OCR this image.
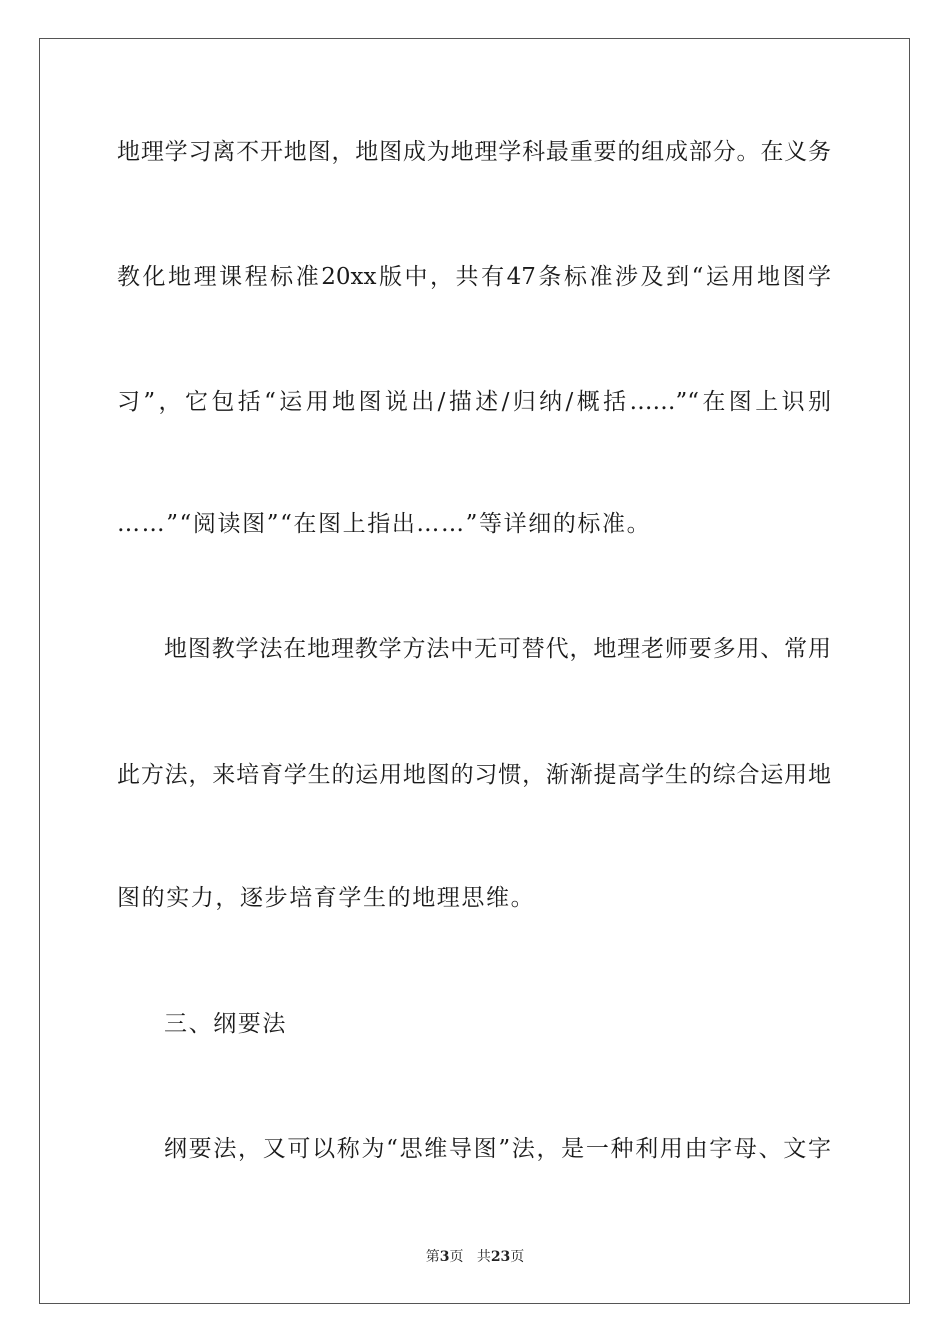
地理学习离不开地图，地图成为地理学科最重要的组成部分。在义务
教化地理课程标准20xx版中，共有47条标准涉及到“运用地图学
习”，它包括“运用地图说出/描述/归纳/概括……”“在图上识别
……”“阅读图”“在图上指出……”等详细的标准。
地图教学法在地理教学方法中无可替代，地理老师要多用、常用
此方法，来培育学生的运用地图的习惯，渐渐提高学生的综合运用地
图的实力，逐步培育学生的地理思维。
三、纲要法
纲要法，又可以称为“思维导图”法，是一种利用由字母、文字
第3页 共23页
